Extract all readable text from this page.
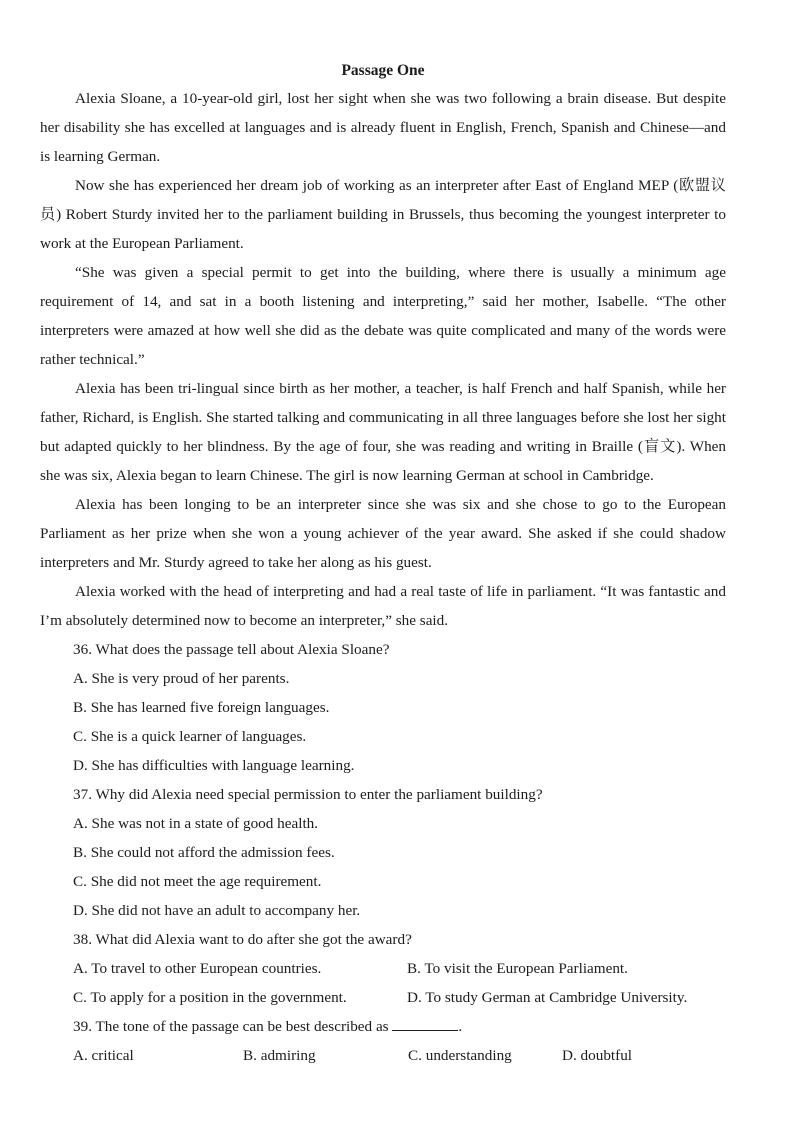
Passage One

Alexia Sloane, a 10-year-old girl, lost her sight when she was two following a brain disease. But despite her disability she has excelled at languages and is already fluent in English, French, Spanish and Chinese—and is learning German.

Now she has experienced her dream job of working as an interpreter after East of England MEP (欧盟议员) Robert Sturdy invited her to the parliament building in Brussels, thus becoming the youngest interpreter to work at the European Parliament.

“She was given a special permit to get into the building, where there is usually a minimum age requirement of 14, and sat in a booth listening and interpreting,” said her mother, Isabelle. “The other interpreters were amazed at how well she did as the debate was quite complicated and many of the words were rather technical.”

Alexia has been tri-lingual since birth as her mother, a teacher, is half French and half Spanish, while her father, Richard, is English. She started talking and communicating in all three languages before she lost her sight but adapted quickly to her blindness. By the age of four, she was reading and writing in Braille (盲文). When she was six, Alexia began to learn Chinese. The girl is now learning German at school in Cambridge.

Alexia has been longing to be an interpreter since she was six and she chose to go to the European Parliament as her prize when she won a young achiever of the year award. She asked if she could shadow interpreters and Mr. Sturdy agreed to take her along as his guest.

Alexia worked with the head of interpreting and had a real taste of life in parliament. “It was fantastic and I’m absolutely determined now to become an interpreter,” she said.

36. What does the passage tell about Alexia Sloane?

A. She is very proud of her parents.

B. She has learned five foreign languages.

C. She is a quick learner of languages.

D. She has difficulties with language learning.

37. Why did Alexia need special permission to enter the parliament building?

A. She was not in a state of good health.

B. She could not afford the admission fees.

C. She did not meet the age requirement.

D. She did not have an adult to accompany her.

38. What did Alexia want to do after she got the award?

A. To travel to other European countries.	B. To visit the European Parliament.
C. To apply for a position in the government.	D. To study German at Cambridge University.

39. The tone of the passage can be best described as	.

A. critical	B. admiring	C. understanding	D. doubtful
